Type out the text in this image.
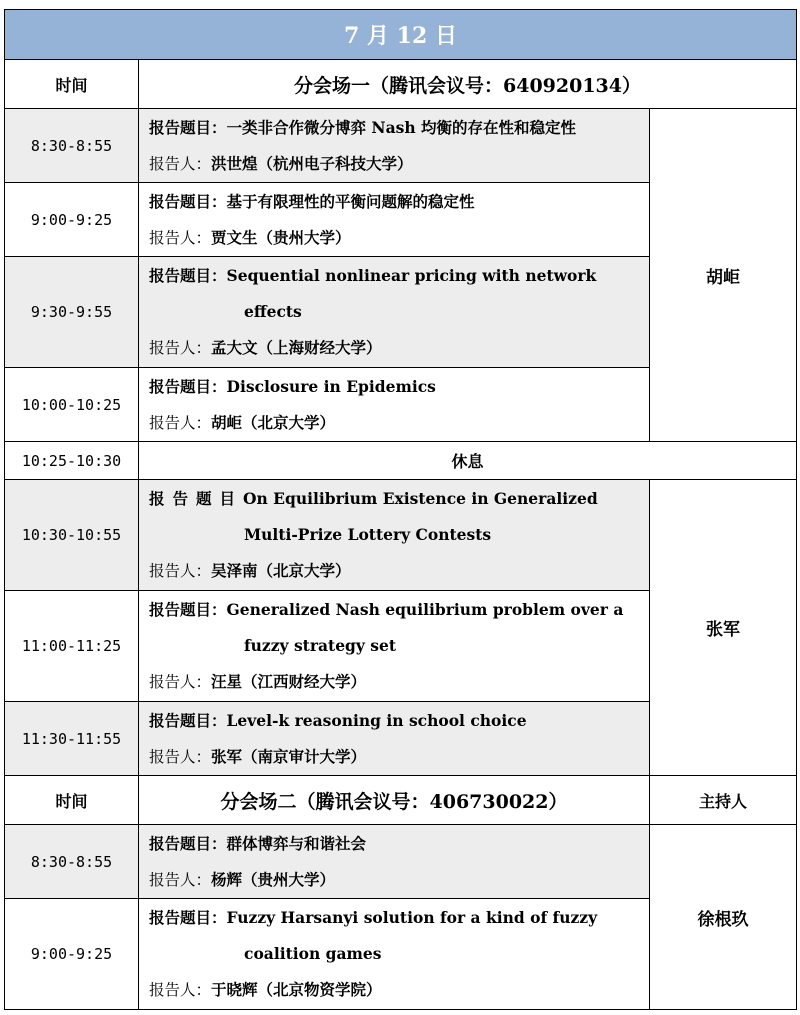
7 月 12 日		
时间	分会场一（腾讯会议号：640920134）	
8:30-8:55	报告题目： 一类非合作微分博弈 Nash 均衡的存在性和稳定性
报告人： 洪世煌（杭州电子科技大学）	胡岠
9:00-9:25	报告题目： 基于有限理性的平衡问题解的稳定性
报告人： 贾文生（贵州大学）	

9:30-9:55	报告题目： Sequential nonlinear pricing with network
effects
报告人： 孟大文（上海财经大学）	

10:00-10:25	报告题目： Disclosure in Epidemics
报告人： 胡岠（北京大学）	

10:25-10:30	休息	
10:30-10:55	报告题目 On Equilibrium Existence in Generalized
Multi-Prize Lottery Contests
报告人： 吴泽南（北京大学）	张军
11:00-11:25	报告题目： Generalized Nash equilibrium problem over a
fuzzy strategy set
报告人： 汪星（江西财经大学）	

11:30-11:55	报告题目： Level-k reasoning in school choice
报告人： 张军（南京审计大学）	

时间	分会场二（腾讯会议号：406730022）	主持人
8:30-8:55	报告题目： 群体博弈与和谐社会
报告人： 杨辉（贵州大学）	徐根玖
9:00-9:25	报告题目： Fuzzy Harsanyi solution for a kind of fuzzy
coalition games
报告人： 于晓辉（北京物资学院）	
